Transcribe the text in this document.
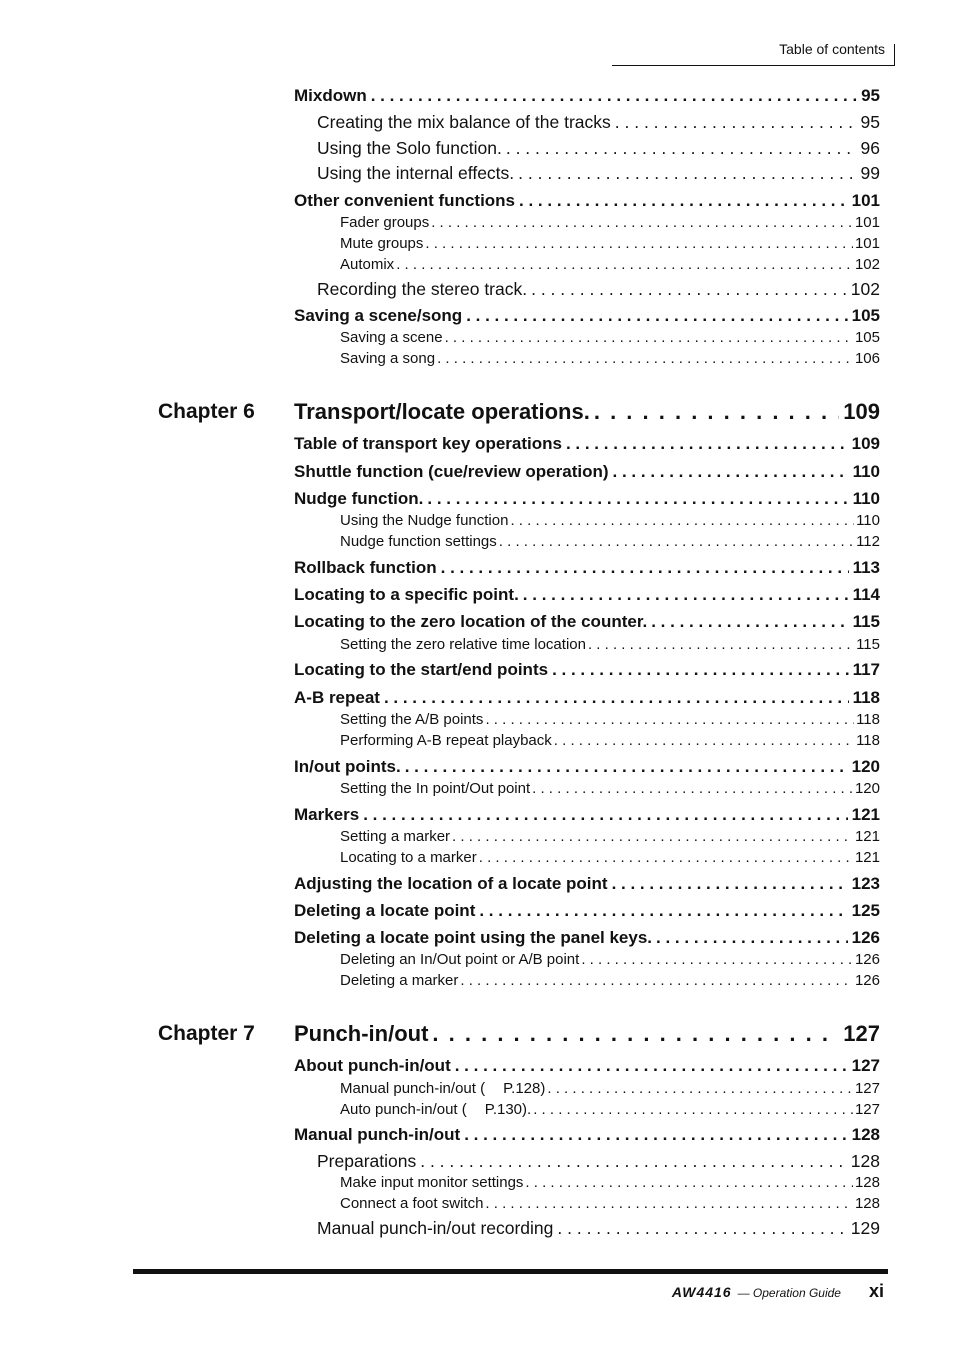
Table of contents
Mixdown . . .	95
Creating the mix balance of the tracks . . .	95
Using the Solo function. . . .	96
Using the internal effects. . . .	99
Other convenient functions . . .	101
Fader groups . . .	101
Mute groups . . .	101
Automix . . .	102
Recording the stereo track. . . .	102
Saving a scene/song . . .	105
Saving a scene . . .	105
Saving a song . . .	106
Chapter 6 Transport/locate operations. . . .	109
Table of transport key operations . . .	109
Shuttle function (cue/review operation) . . .	110
Nudge function. . . .	110
Using the Nudge function . . .	110
Nudge function settings . . .	112
Rollback function . . .	113
Locating to a specific point. . . .	114
Locating to the zero location of the counter. . . .	115
Setting the zero relative time location . . .	115
Locating to the start/end points . . .	117
A-B repeat . . .	118
Setting the A/B points . . .	118
Performing A-B repeat playback . . .	118
In/out points. . . .	120
Setting the In point/Out point . . .	120
Markers . . .	121
Setting a marker . . .	121
Locating to a marker . . .	121
Adjusting the location of a locate point . . .	123
Deleting a locate point . . .	125
Deleting a locate point using the panel keys. . . .	126
Deleting an In/Out point or A/B point . . .	126
Deleting a marker . . .	126
Chapter 7 Punch-in/out . . .	127
About punch-in/out . . .	127
Manual punch-in/out ( P.128) . . .	127
Auto punch-in/out ( P.130). . . .	127
Manual punch-in/out . . .	128
Preparations . . .	128
Make input monitor settings . . .	128
Connect a foot switch . . .	128
Manual punch-in/out recording . . .	129
AW4416 — Operation Guide xi
